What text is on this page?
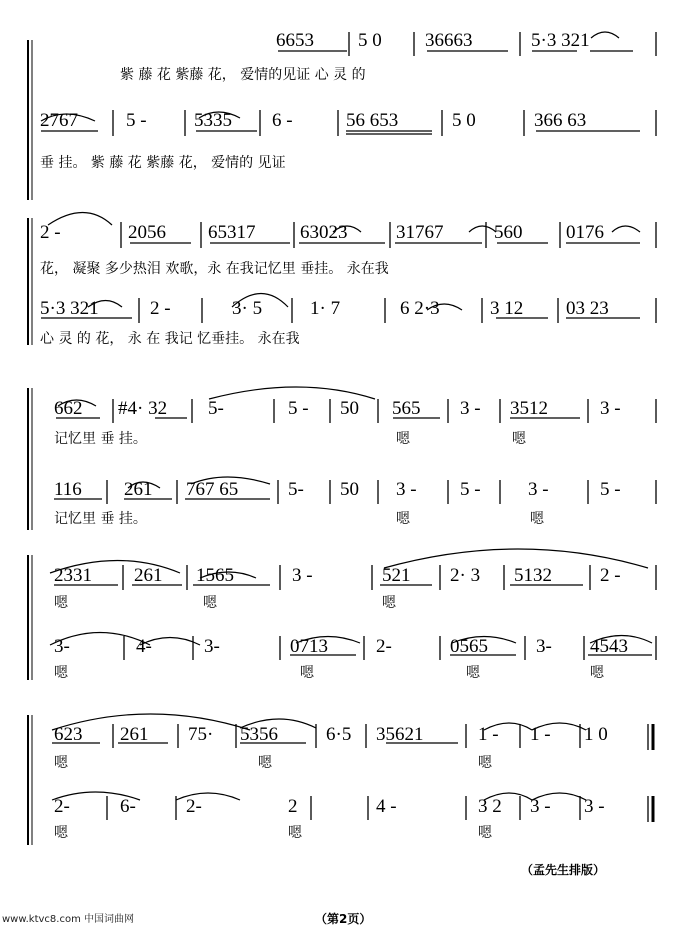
6653 5 0 36663	5·3 321
紫 藤 花 紫藤 花， 爱情的见证 心 灵 的
2767	5 - 5335 6 -	56 653	5 0	366 63
垂 挂。 紫 藤 花 紫藤 花， 爱情的 见证
2 -	2056 65317 63023	31767	560 0176
花， 凝聚 多少热泪 欢歌，永 在我记忆里 垂挂。 永在我
5·3 321	2 -	3· 5	1· 7	6 2·3	3 12 03 23
心 灵 的 花， 永 在 我记 忆垂挂。 永在我
662 #4· 32 5-	5 - 50 565 3 - 3512	3 -
记忆里 垂 挂。	嗯	嗯
116 261 767 65	5- 50 3 - 5 - 3 -	5 -
记忆里 垂 挂。	嗯	嗯
2331 261 1565	3 -	521 2· 3 5132	2 -
嗯	嗯	嗯
3-	4-	3-	0713	2-	0565	3- 4543
嗯	嗯	嗯	嗯
623 261 75· 5356	6·5 35621	1 - 1 - 1 0
嗯	嗯	嗯
2-	6-	2-	2	4 -	3 2 3 - 3 -
嗯	嗯	嗯
（孟先生排版）
www.ktvc8.com 中国词曲网	（第2页）
